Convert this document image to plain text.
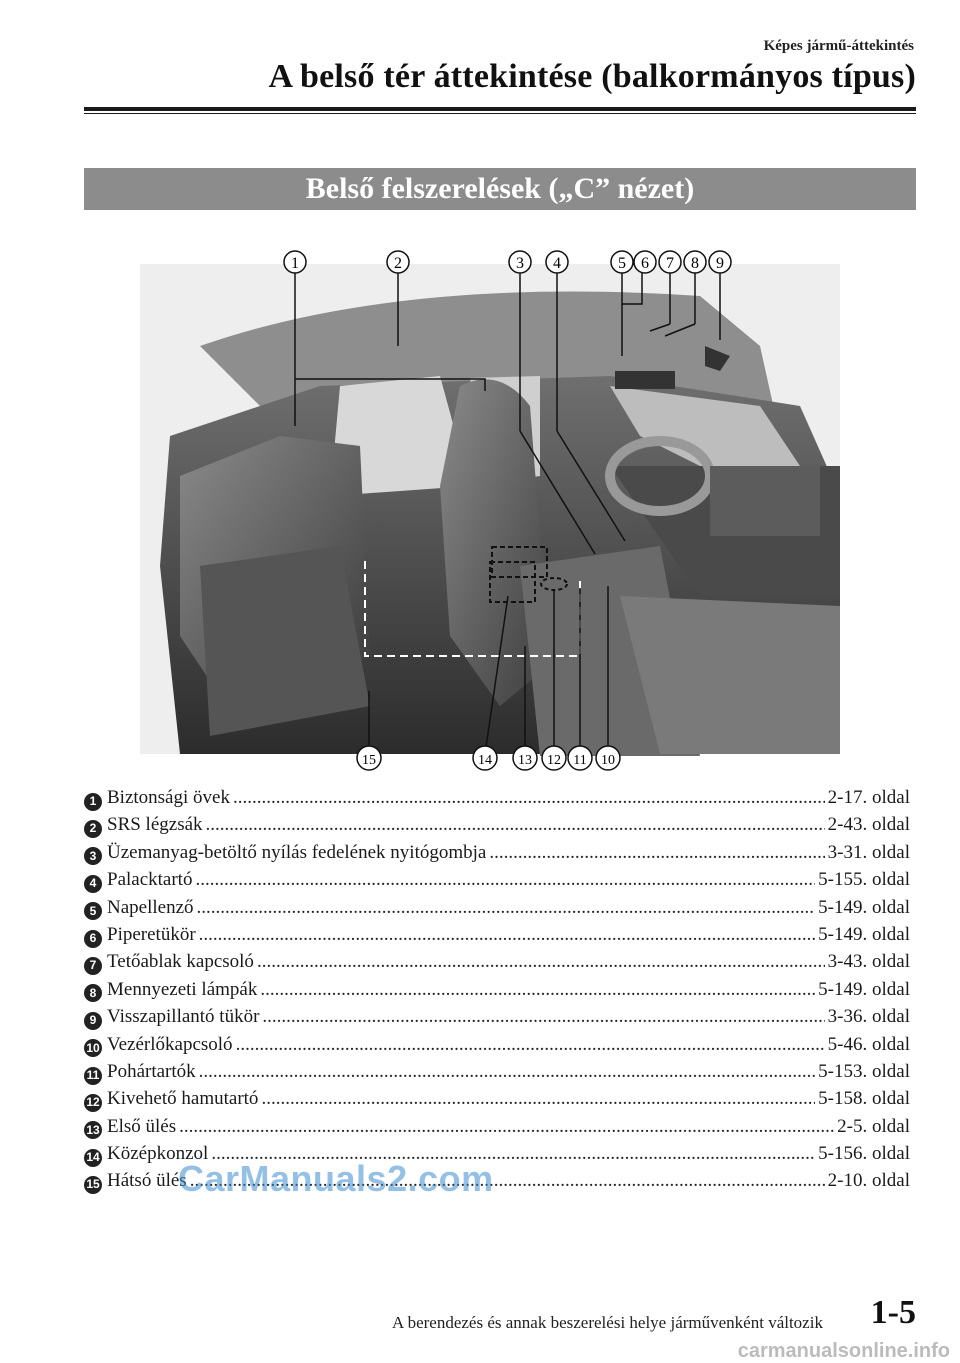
Képes jármű-áttekintés
A belső tér áttekintése (balkormányos típus)
Belső felszerelések („C” nézet)
1	2	3 4	5 6 7 8 9
15	14 13 12 11 10
1 Biztonsági övek .....	2-17. oldal
2 SRS légzsák .....	2-43. oldal
3 Üzemanyag-betöltő nyílás fedelének nyitógombja .....	3-31. oldal
4 Palacktartó .....	5-155. oldal
5 Napellenző .....	5-149. oldal
6 Piperetükör .....	5-149. oldal
7 Tetőablak kapcsoló .....	3-43. oldal
8 Mennyezeti lámpák .....	5-149. oldal
9 Visszapillantó tükör .....	3-36. oldal
10 Vezérlőkapcsoló .....	5-46. oldal
11 Pohártartók .....	5-153. oldal
12 Kivehető hamutartó .....	5-158. oldal
13 Első ülés .....	2-5. oldal
14 Középkonzol .....	5-156. oldal
15 Hátsó ülés .....	2-10. oldal
CarManuals2.com
A berendezés és annak beszerelési helye járművenként változik 1-5
carmanualsonline.info
